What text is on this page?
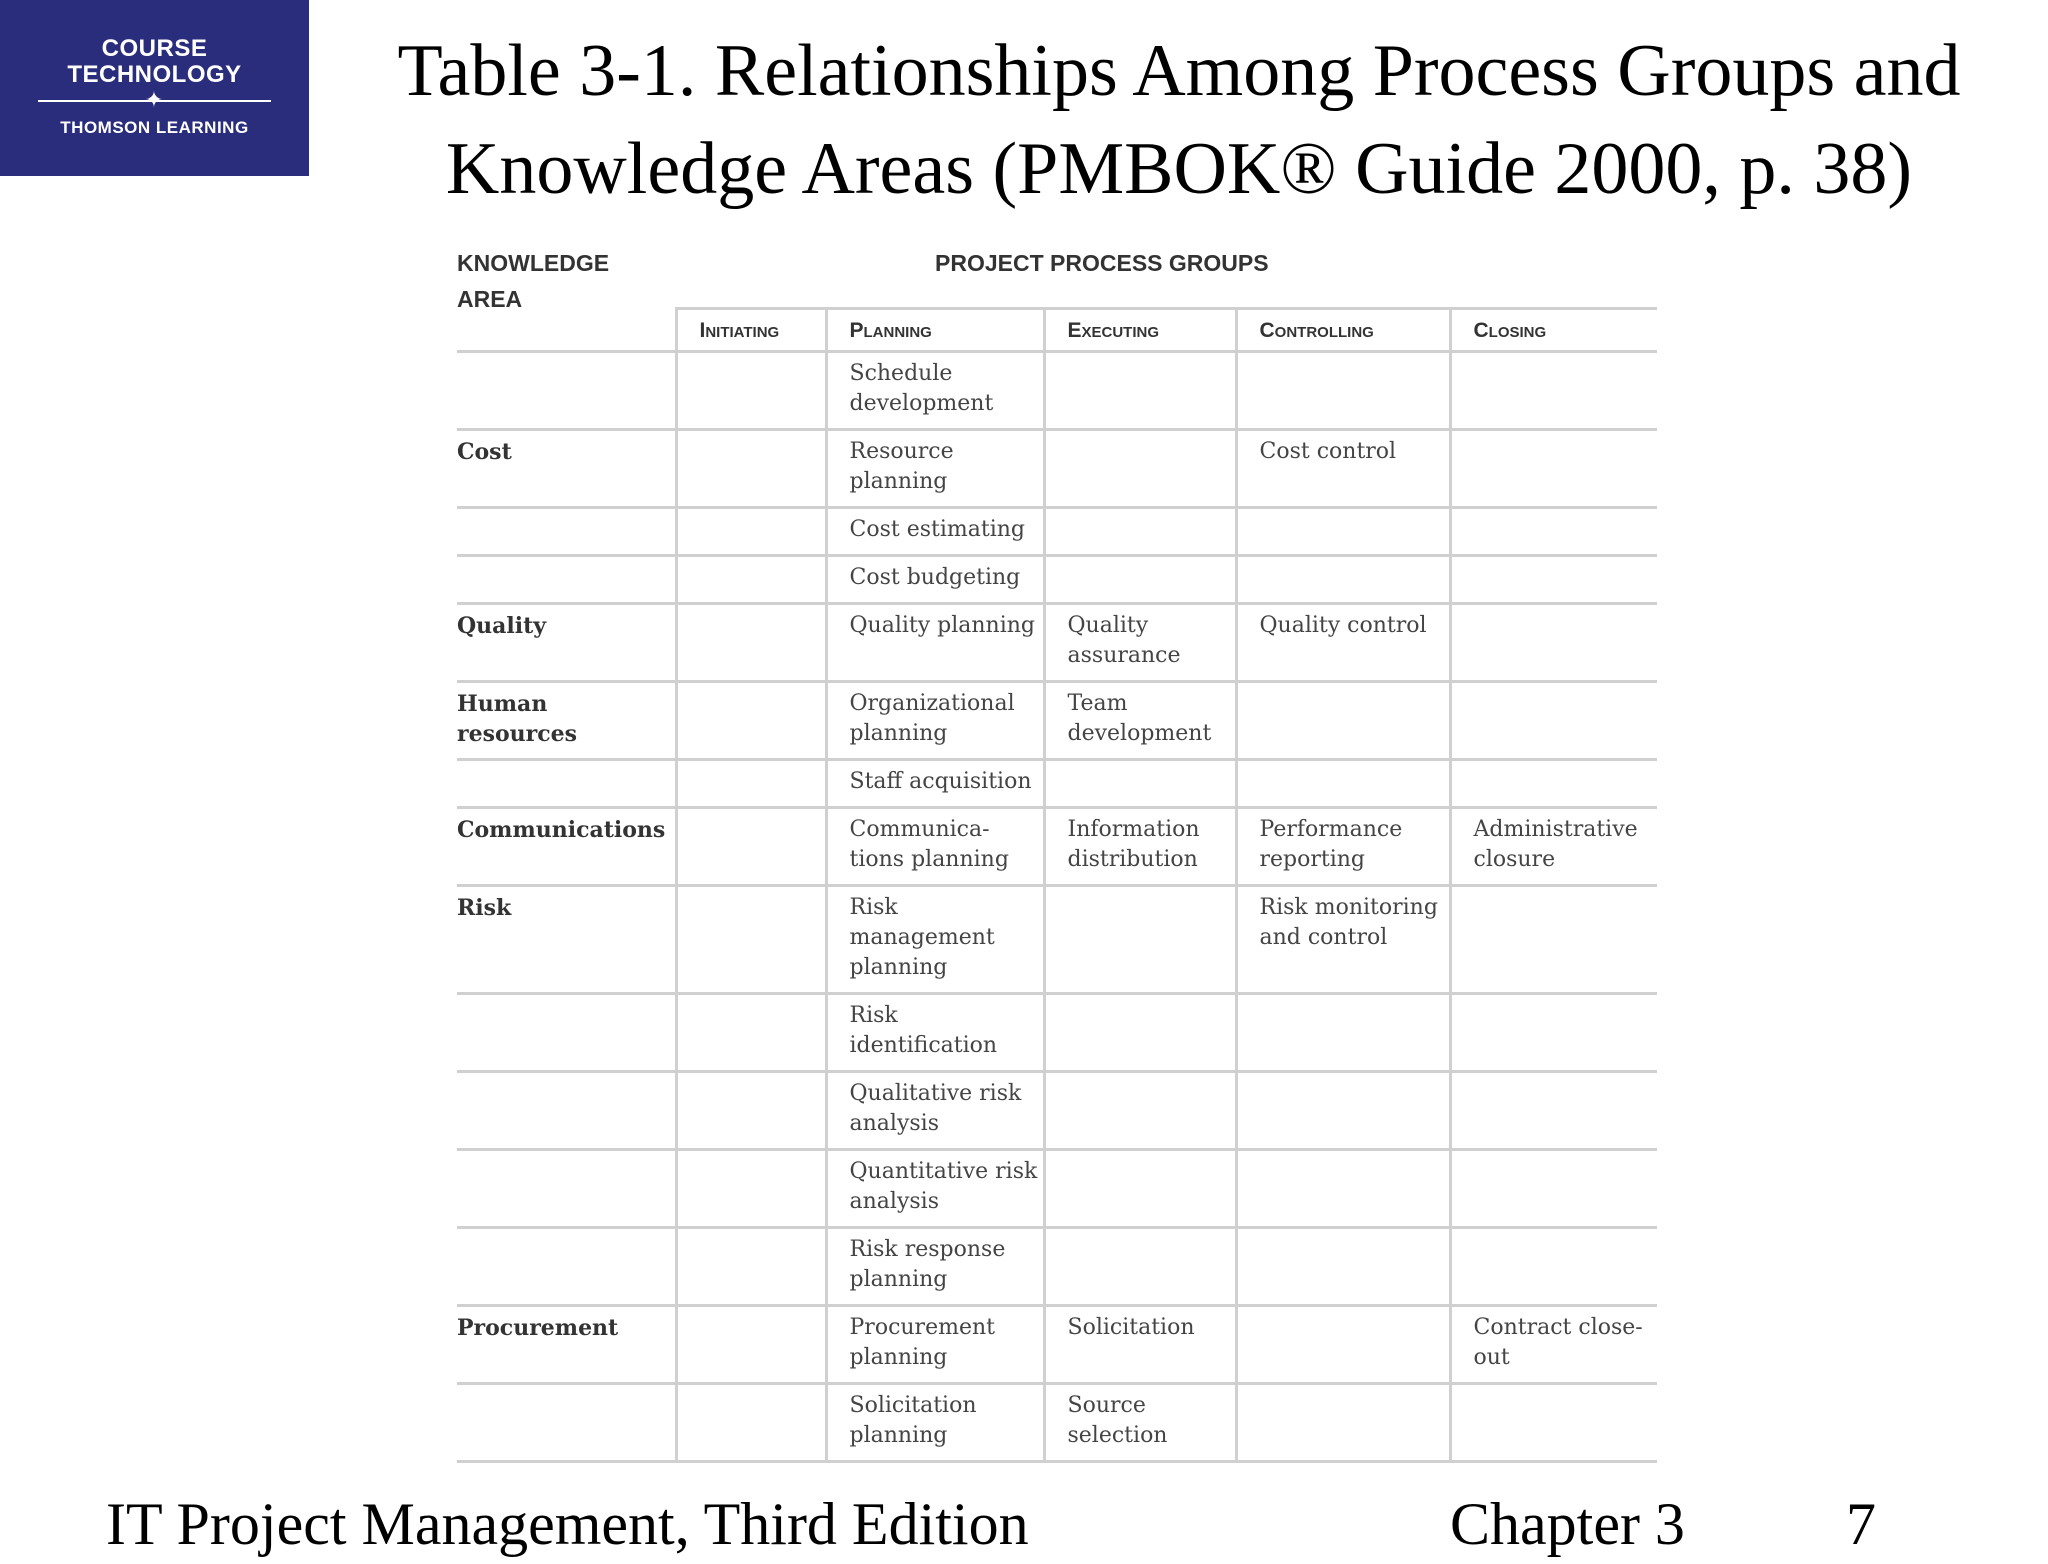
COURSE
TECHNOLOGY
✦
THOMSON LEARNING
Table 3-1. Relationships Among Process Groups and
Knowledge Areas (PMBOK® Guide 2000, p. 38)
KNOWLEDGE
AREA
PROJECT PROCESS GROUPS
	Initiating	Planning	Executing	Controlling	Closing
		Schedule development			
Cost		Resource planning		Cost control	
		Cost estimating			
		Cost budgeting			
Quality		Quality planning	Quality assurance	Quality control	
Human resources		Organizational planning	Team development		
		Staff acquisition			
Communications		Communica- tions planning	Information distribution	Performance reporting	Administrative closure
Risk		Risk management planning		Risk monitoring and control	
		Risk identification			
		Qualitative risk analysis			
		Quantitative risk analysis			
		Risk response planning			
Procurement		Procurement planning	Solicitation		Contract close-out
		Solicitation planning	Source selection		
IT Project Management, Third Edition	Chapter 3	7
